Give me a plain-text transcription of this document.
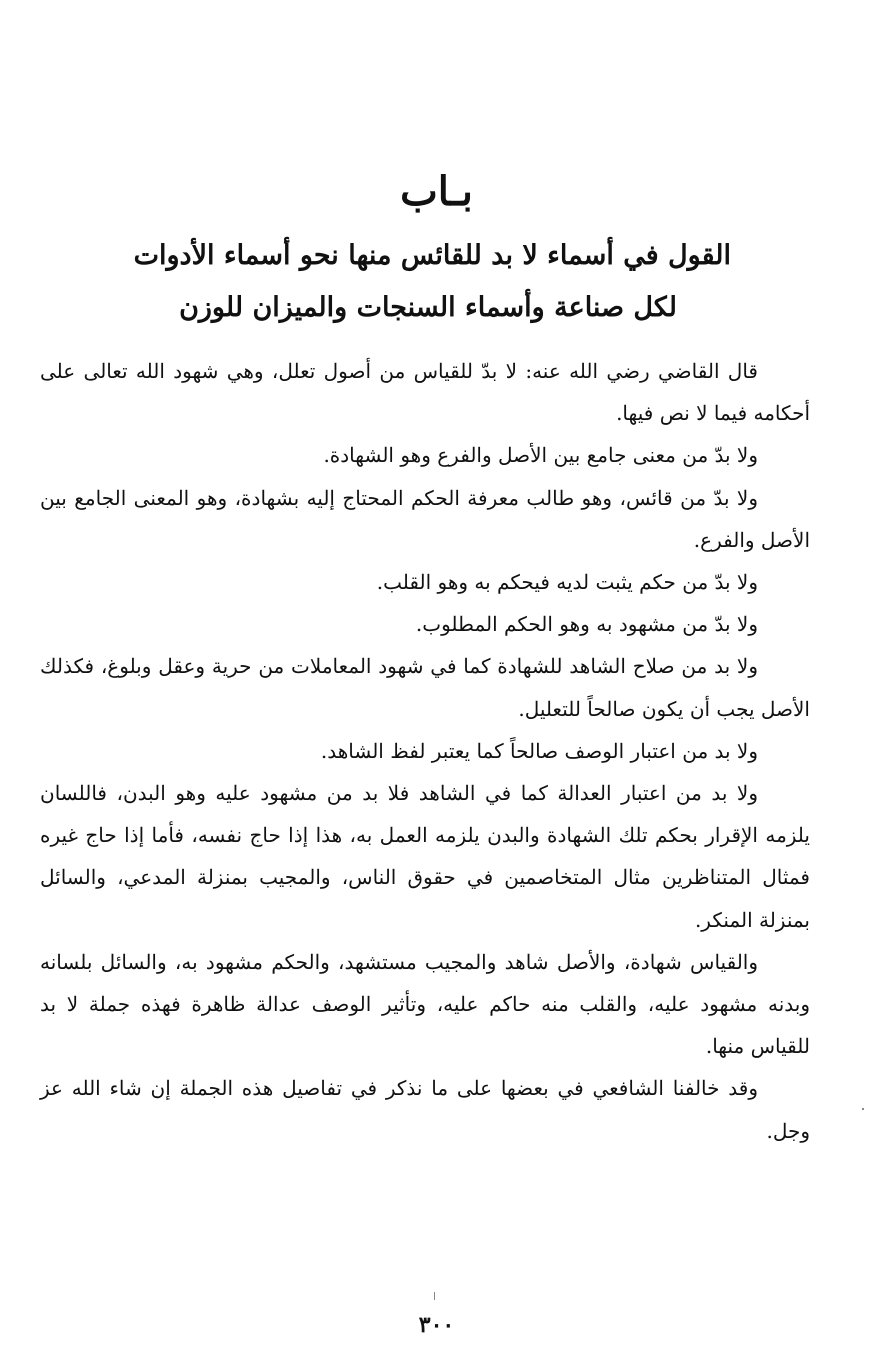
بـاب
القول في أسماء لا بد للقائس منها نحو أسماء الأدوات
لكل صناعة وأسماء السنجات والميزان للوزن

قال القاضي رضي الله عنه: لا بدّ للقياس من أصول تعلل، وهي شهود الله تعالى على أحكامه فيما لا نص فيها.

ولا بدّ من معنى جامع بين الأصل والفرع وهو الشهادة.

ولا بدّ من قائس، وهو طالب معرفة الحكم المحتاج إليه بشهادة، وهو المعنى الجامع بين الأصل والفرع.

ولا بدّ من حكم يثبت لديه فيحكم به وهو القلب.

ولا بدّ من مشهود به وهو الحكم المطلوب.

ولا بد من صلاح الشاهد للشهادة كما في شهود المعاملات من حرية وعقل وبلوغ، فكذلك الأصل يجب أن يكون صالحاً للتعليل.

ولا بد من اعتبار الوصف صالحاً كما يعتبر لفظ الشاهد.

ولا بد من اعتبار العدالة كما في الشاهد فلا بد من مشهود عليه وهو البدن، فاللسان يلزمه الإقرار بحكم تلك الشهادة والبدن يلزمه العمل به، هذا إذا حاج نفسه، فأما إذا حاج غيره فمثال المتناظرين مثال المتخاصمين في حقوق الناس، والمجيب بمنزلة المدعي، والسائل بمنزلة المنكر.

والقياس شهادة، والأصل شاهد والمجيب مستشهد، والحكم مشهود به، والسائل بلسانه وبدنه مشهود عليه، والقلب منه حاكم عليه، وتأثير الوصف عدالة ظاهرة فهذه جملة لا بد للقياس منها.

وقد خالفنا الشافعي في بعضها على ما نذكر في تفاصيل هذه الجملة إن شاء الله عز وجل.

٣٠٠
